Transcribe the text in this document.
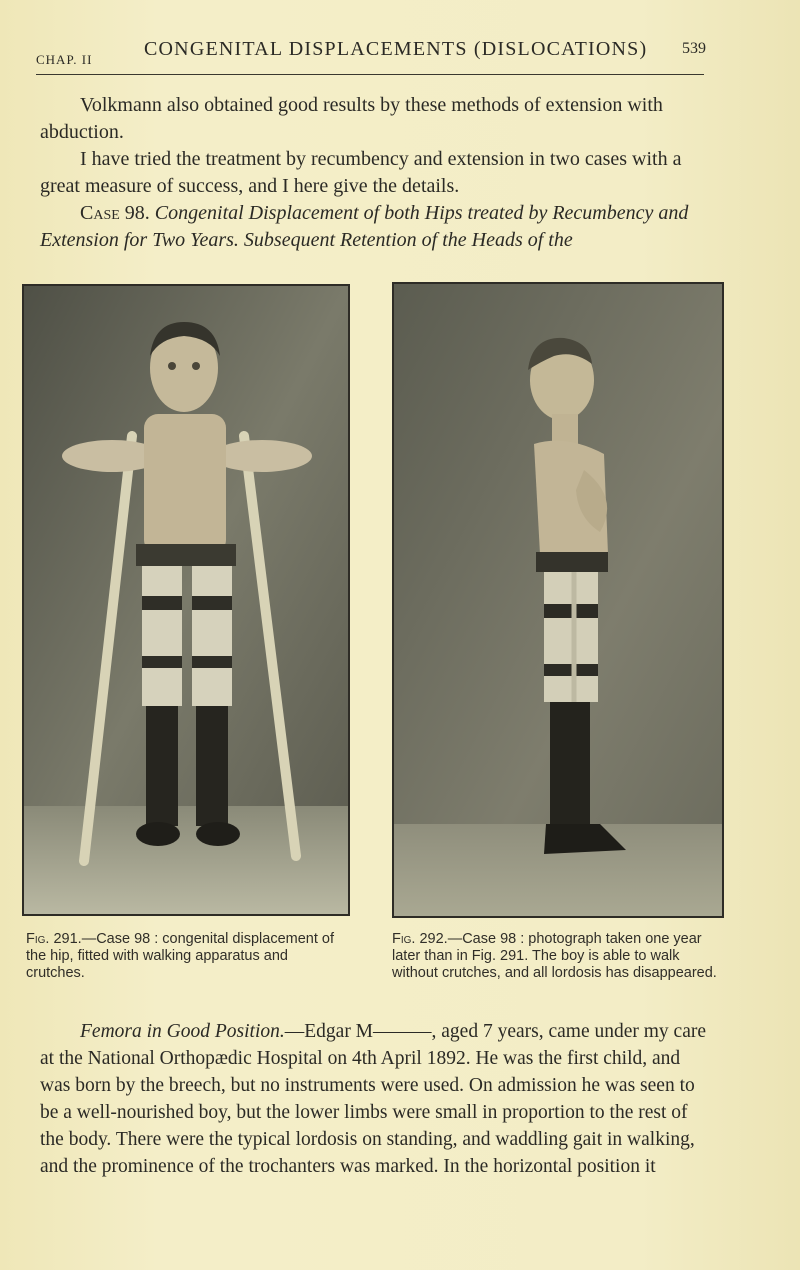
CHAP. II	CONGENITAL DISPLACEMENTS (DISLOCATIONS) 539

Volkmann also obtained good results by these methods of extension with abduction.

I have tried the treatment by recumbency and extension in two cases with a great measure of success, and I here give the details.

Case 98. Congenital Displacement of both Hips treated by Recumbency and Extension for Two Years. Subsequent Retention of the Heads of the

Fig. 291.—Case 98 : congenital displacement of the hip, fitted with walking apparatus and crutches.
Fig. 292.—Case 98 : photograph taken one year later than in Fig. 291. The boy is able to walk without crutches, and all lordosis has disappeared.

Femora in Good Position.—Edgar M———, aged 7 years, came under my care at the National Orthopædic Hospital on 4th April 1892. He was the first child, and was born by the breech, but no instruments were used. On admission he was seen to be a well-nourished boy, but the lower limbs were small in proportion to the rest of the body. There were the typical lordosis on standing, and waddling gait in walking, and the prominence of the trochanters was marked. In the horizontal position it
